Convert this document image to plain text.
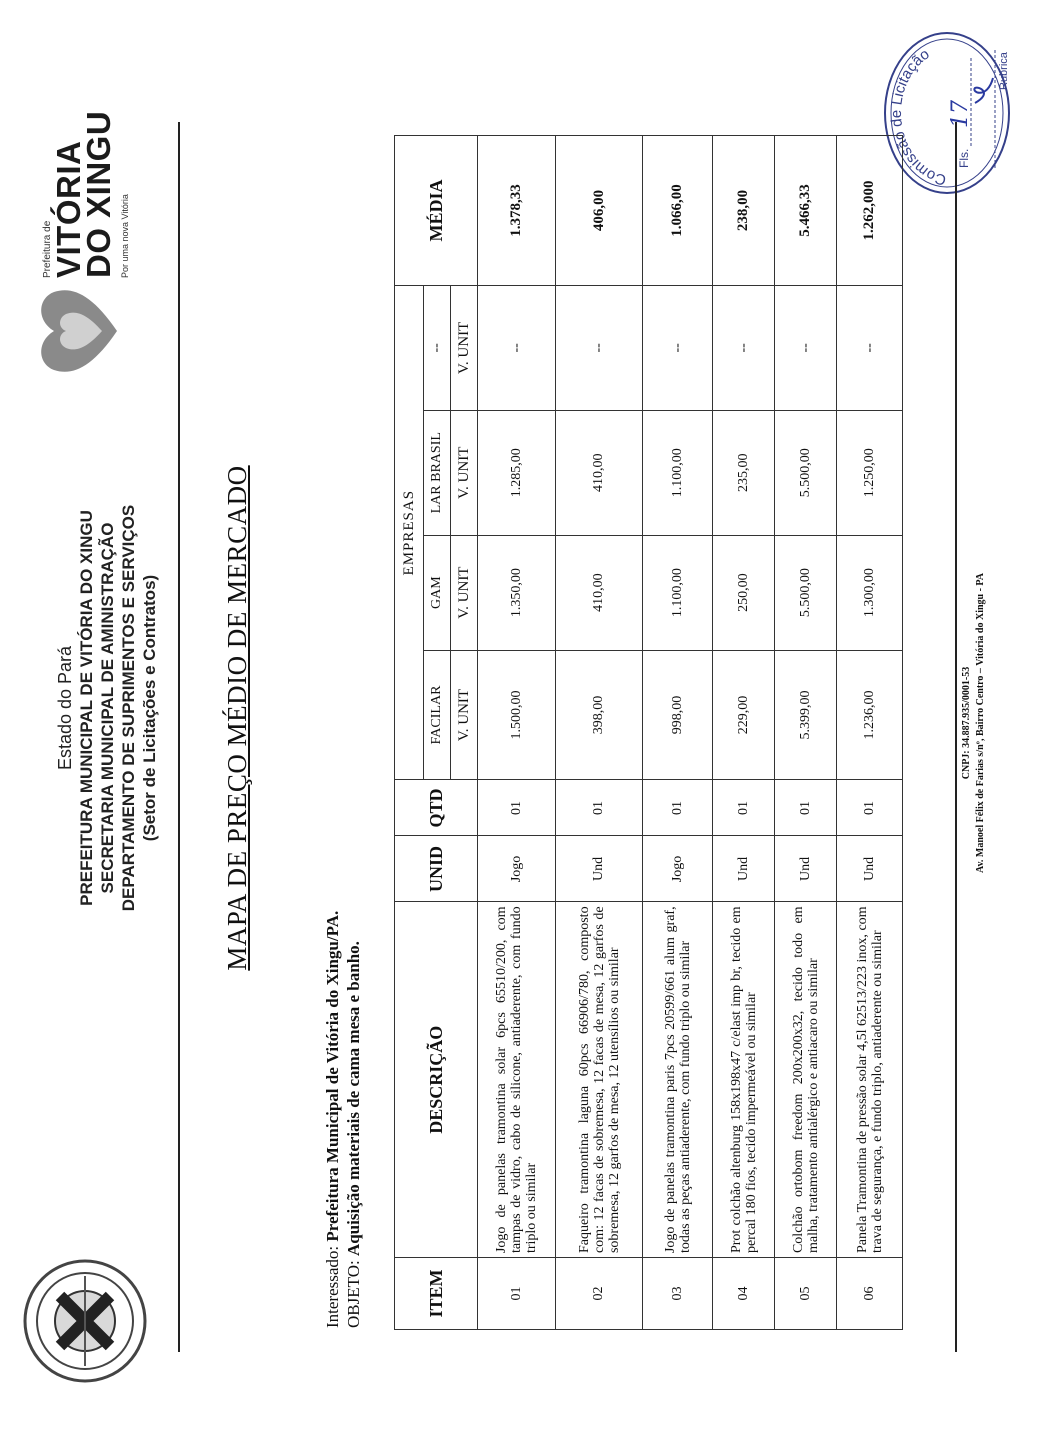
Estado do Pará PREFEITURA MUNICIPAL DE VITÓRIA DO XINGU SECRETARIA MUNICIPAL DE AMINISTRAÇÃO DEPARTAMENTO DE SUPRIMENTOS E SERVIÇOS (Setor de Licitações e Contratos)
Prefeitura de
VITÓRIA
DO XINGU Por uma nova Vitória
Comissão de Licitação
Fls.
17
Rubrica
MAPA DE PREÇO MÉDIO DE MERCADO
Interessado: Prefeitura Municipal de Vitória do Xingu/PA.
OBJETO: Aquisição materiais de cama mesa e banho.
ITEM	DESCRIÇÃO	UNID	QTD	EMPRESAS				MÉDIA
				FACILAR	GAM	LAR BRASIL	--	
				V. UNIT	V. UNIT	V. UNIT	V. UNIT	
01	Jogo de panelas tramontina solar 6pcs 65510/200, com tampas de vidro, cabo de silicone, antiaderente, com fundo triplo ou similar	Jogo	01	1.500,00	1.350,00	1.285,00	--	1.378,33
02	Faqueiro tramontina laguna 60pcs 66906/780, composto com: 12 facas de sobremesa, 12 facas de mesa, 12 garfos de sobremesa, 12 garfos de mesa, 12 utensílios ou similar	Und	01	398,00	410,00	410,00	--	406,00
03	Jogo de panelas tramontina paris 7pcs 20599/661 alum graf, todas as peças antiaderente, com fundo triplo ou similar	Jogo	01	998,00	1.100,00	1.100,00	--	1.066,00
04	Prot colchão altenburg 158x198x47 c/elast imp br, tecido em percal 180 fios, tecido impermeável ou similar	Und	01	229,00	250,00	235,00	--	238,00
05	Colchão ortobom freedom 200x200x32, tecido todo em malha, tratamento antialérgico e antiacaro ou similar	Und	01	5.399,00	5.500,00	5.500,00	--	5.466,33
06	Panela Tramontina de pressão solar 4,5l 62513/223 inox, com trava de segurança, e fundo triplo, antiaderente ou similar	Und	01	1.236,00	1.300,00	1.250,00	--	1.262,000
CNPJ: 34.887.935/0001-53 Av. Manoel Félix de Farias s/nº, Bairro Centro – Vitória do Xingu - PA
